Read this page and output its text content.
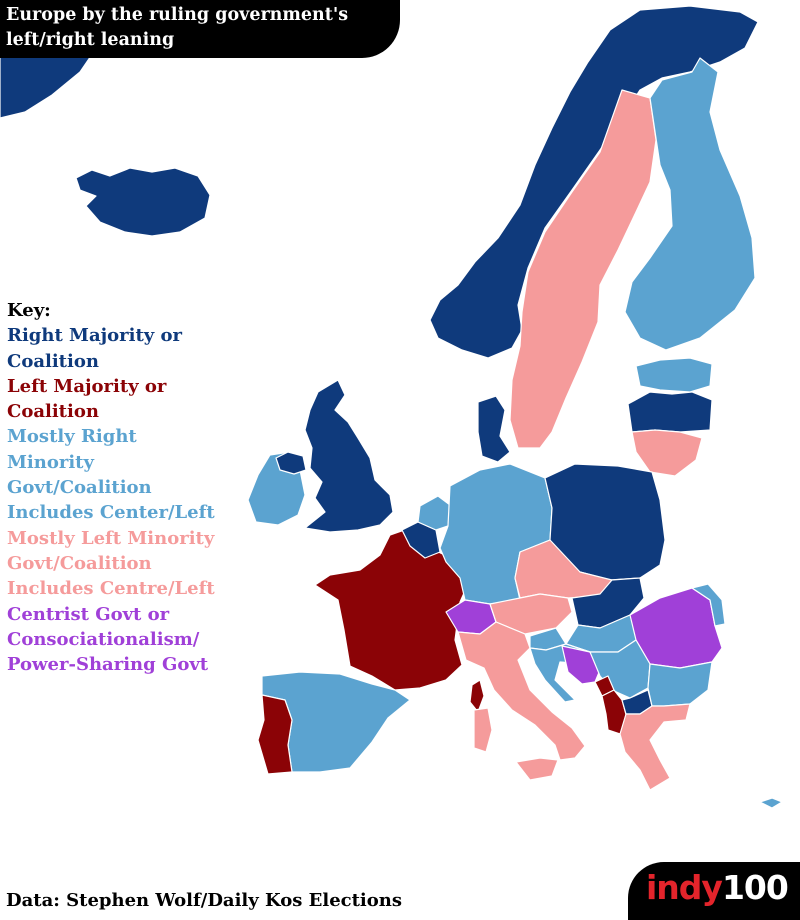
Europe by the ruling government's
left/right leaning
Key:
Right Majority or
Coalition
Left Majority or
Coalition
Mostly Right
Minority
Govt/Coalition
Includes Center/Left
Mostly Left Minority
Govt/Coalition
Includes Centre/Left
Centrist Govt or
Consociationalism/
Power-Sharing Govt
Data: Stephen Wolf/Daily Kos Elections	indy100
